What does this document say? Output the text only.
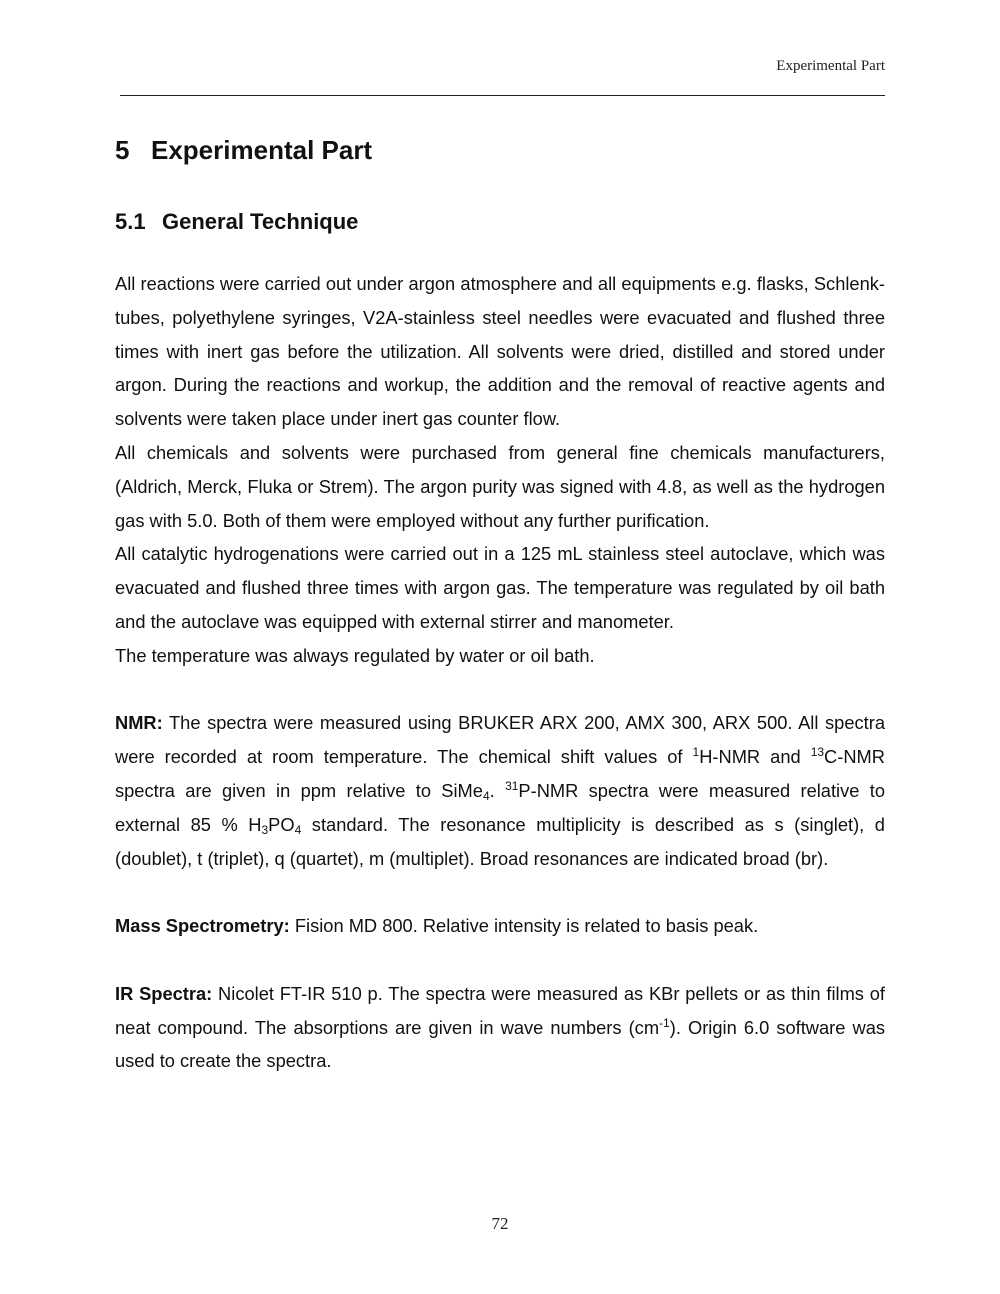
Experimental Part
5 Experimental Part
5.1 General Technique

All reactions were carried out under argon atmosphere and all equipments e.g. flasks, Schlenk-tubes, polyethylene syringes, V2A-stainless steel needles were evacuated and flushed three times with inert gas before the utilization. All solvents were dried, distilled and stored under argon. During the reactions and workup, the addition and the removal of reactive agents and solvents were taken place under inert gas counter flow.

All chemicals and solvents were purchased from general fine chemicals manufacturers, (Aldrich, Merck, Fluka or Strem). The argon purity was signed with 4.8, as well as the hydrogen gas with 5.0. Both of them were employed without any further purification.

All catalytic hydrogenations were carried out in a 125 mL stainless steel autoclave, which was evacuated and flushed three times with argon gas. The temperature was regulated by oil bath and the autoclave was equipped with external stirrer and manometer.

The temperature was always regulated by water or oil bath.

NMR: The spectra were measured using BRUKER ARX 200, AMX 300, ARX 500. All spectra were recorded at room temperature. The chemical shift values of $^1$H-NMR and $^{13}$C-NMR spectra are given in ppm relative to SiMe$_4$. $^{31}$P-NMR spectra were measured relative to external 85 % $H_3PO_4$ standard. The resonance multiplicity is described as s (singlet), d (doublet), t (triplet), q (quartet), m (multiplet). Broad resonances are indicated broad (br).

Mass Spectrometry: Fision MD 800. Relative intensity is related to basis peak.

IR Spectra: Nicolet FT-IR 510 p. The spectra were measured as KBr pellets or as thin films of neat compound. The absorptions are given in wave numbers $(cm^{-1})$. Origin 6.0 software was used to create the spectra.

72
